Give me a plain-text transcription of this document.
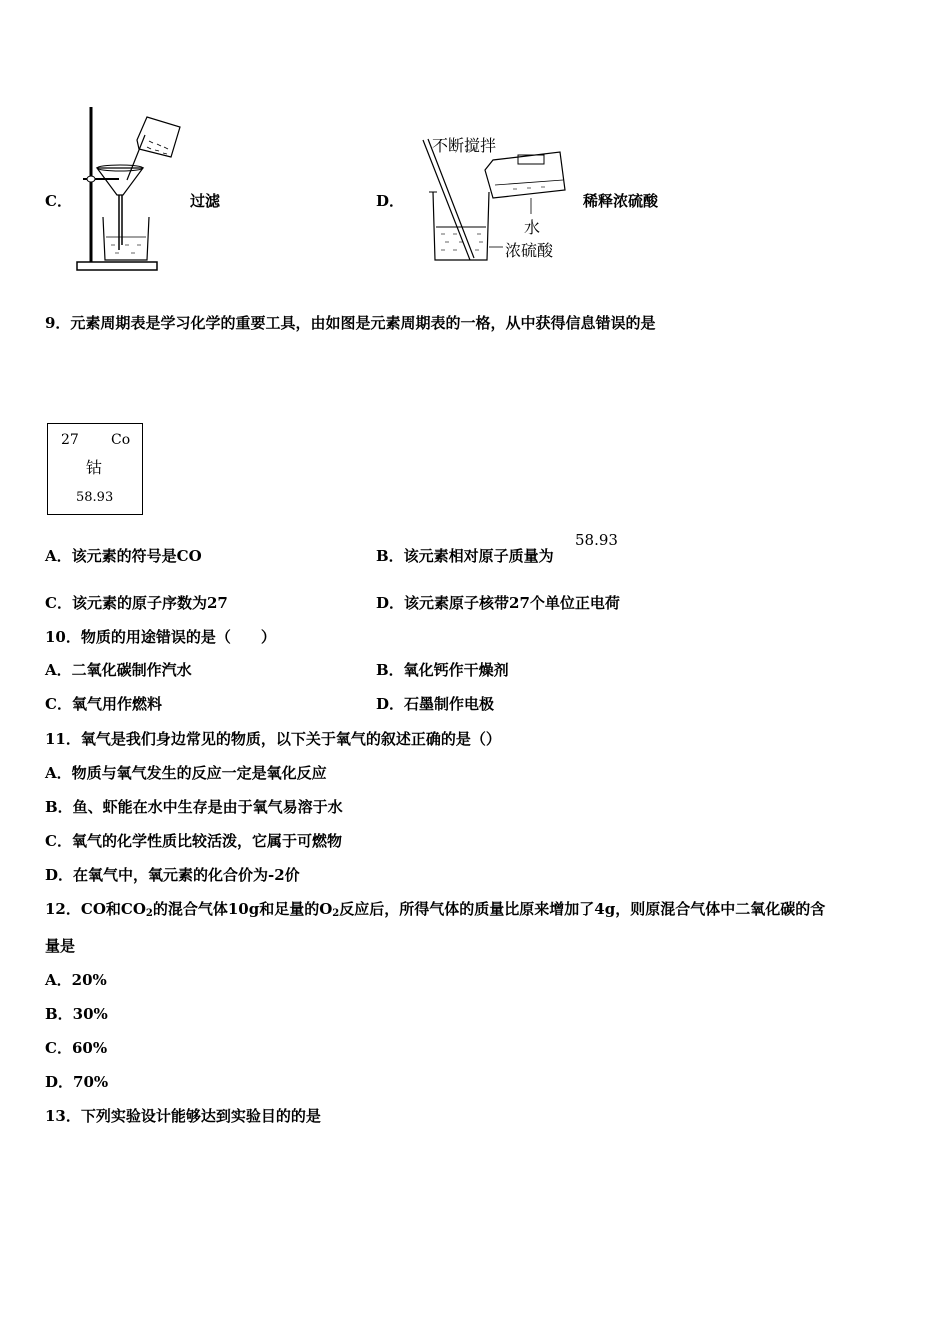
C．	过滤	D．
不断搅拌
水
浓硫酸
稀释浓硫酸
9．元素周期表是学习化学的重要工具，由如图是元素周期表的一格，从中获得信息错误的是
27 Co
钴
58.93
A．该元素的符号是CO	B．该元素相对原子质量为
58.93
C．该元素的原子序数为27	D．该元素原子核带27个单位正电荷
10．物质的用途错误的是（　　）
A．二氧化碳制作汽水	B．氧化钙作干燥剂
C．氧气用作燃料	D．石墨制作电极
11．氧气是我们身边常见的物质，以下关于氧气的叙述正确的是（）
A．物质与氧气发生的反应一定是氧化反应
B．鱼、虾能在水中生存是由于氧气易溶于水
C．氧气的化学性质比较活泼，它属于可燃物
D．在氧气中，氧元素的化合价为-2价
12．CO和$CO_2$的混合气体10g和足量的$O_2$反应后，所得气体的质量比原来增加了4g，则原混合气体中二氧化碳的含
量是
A．20%
B．30%
C．60%
D．70%
13．下列实验设计能够达到实验目的的是
